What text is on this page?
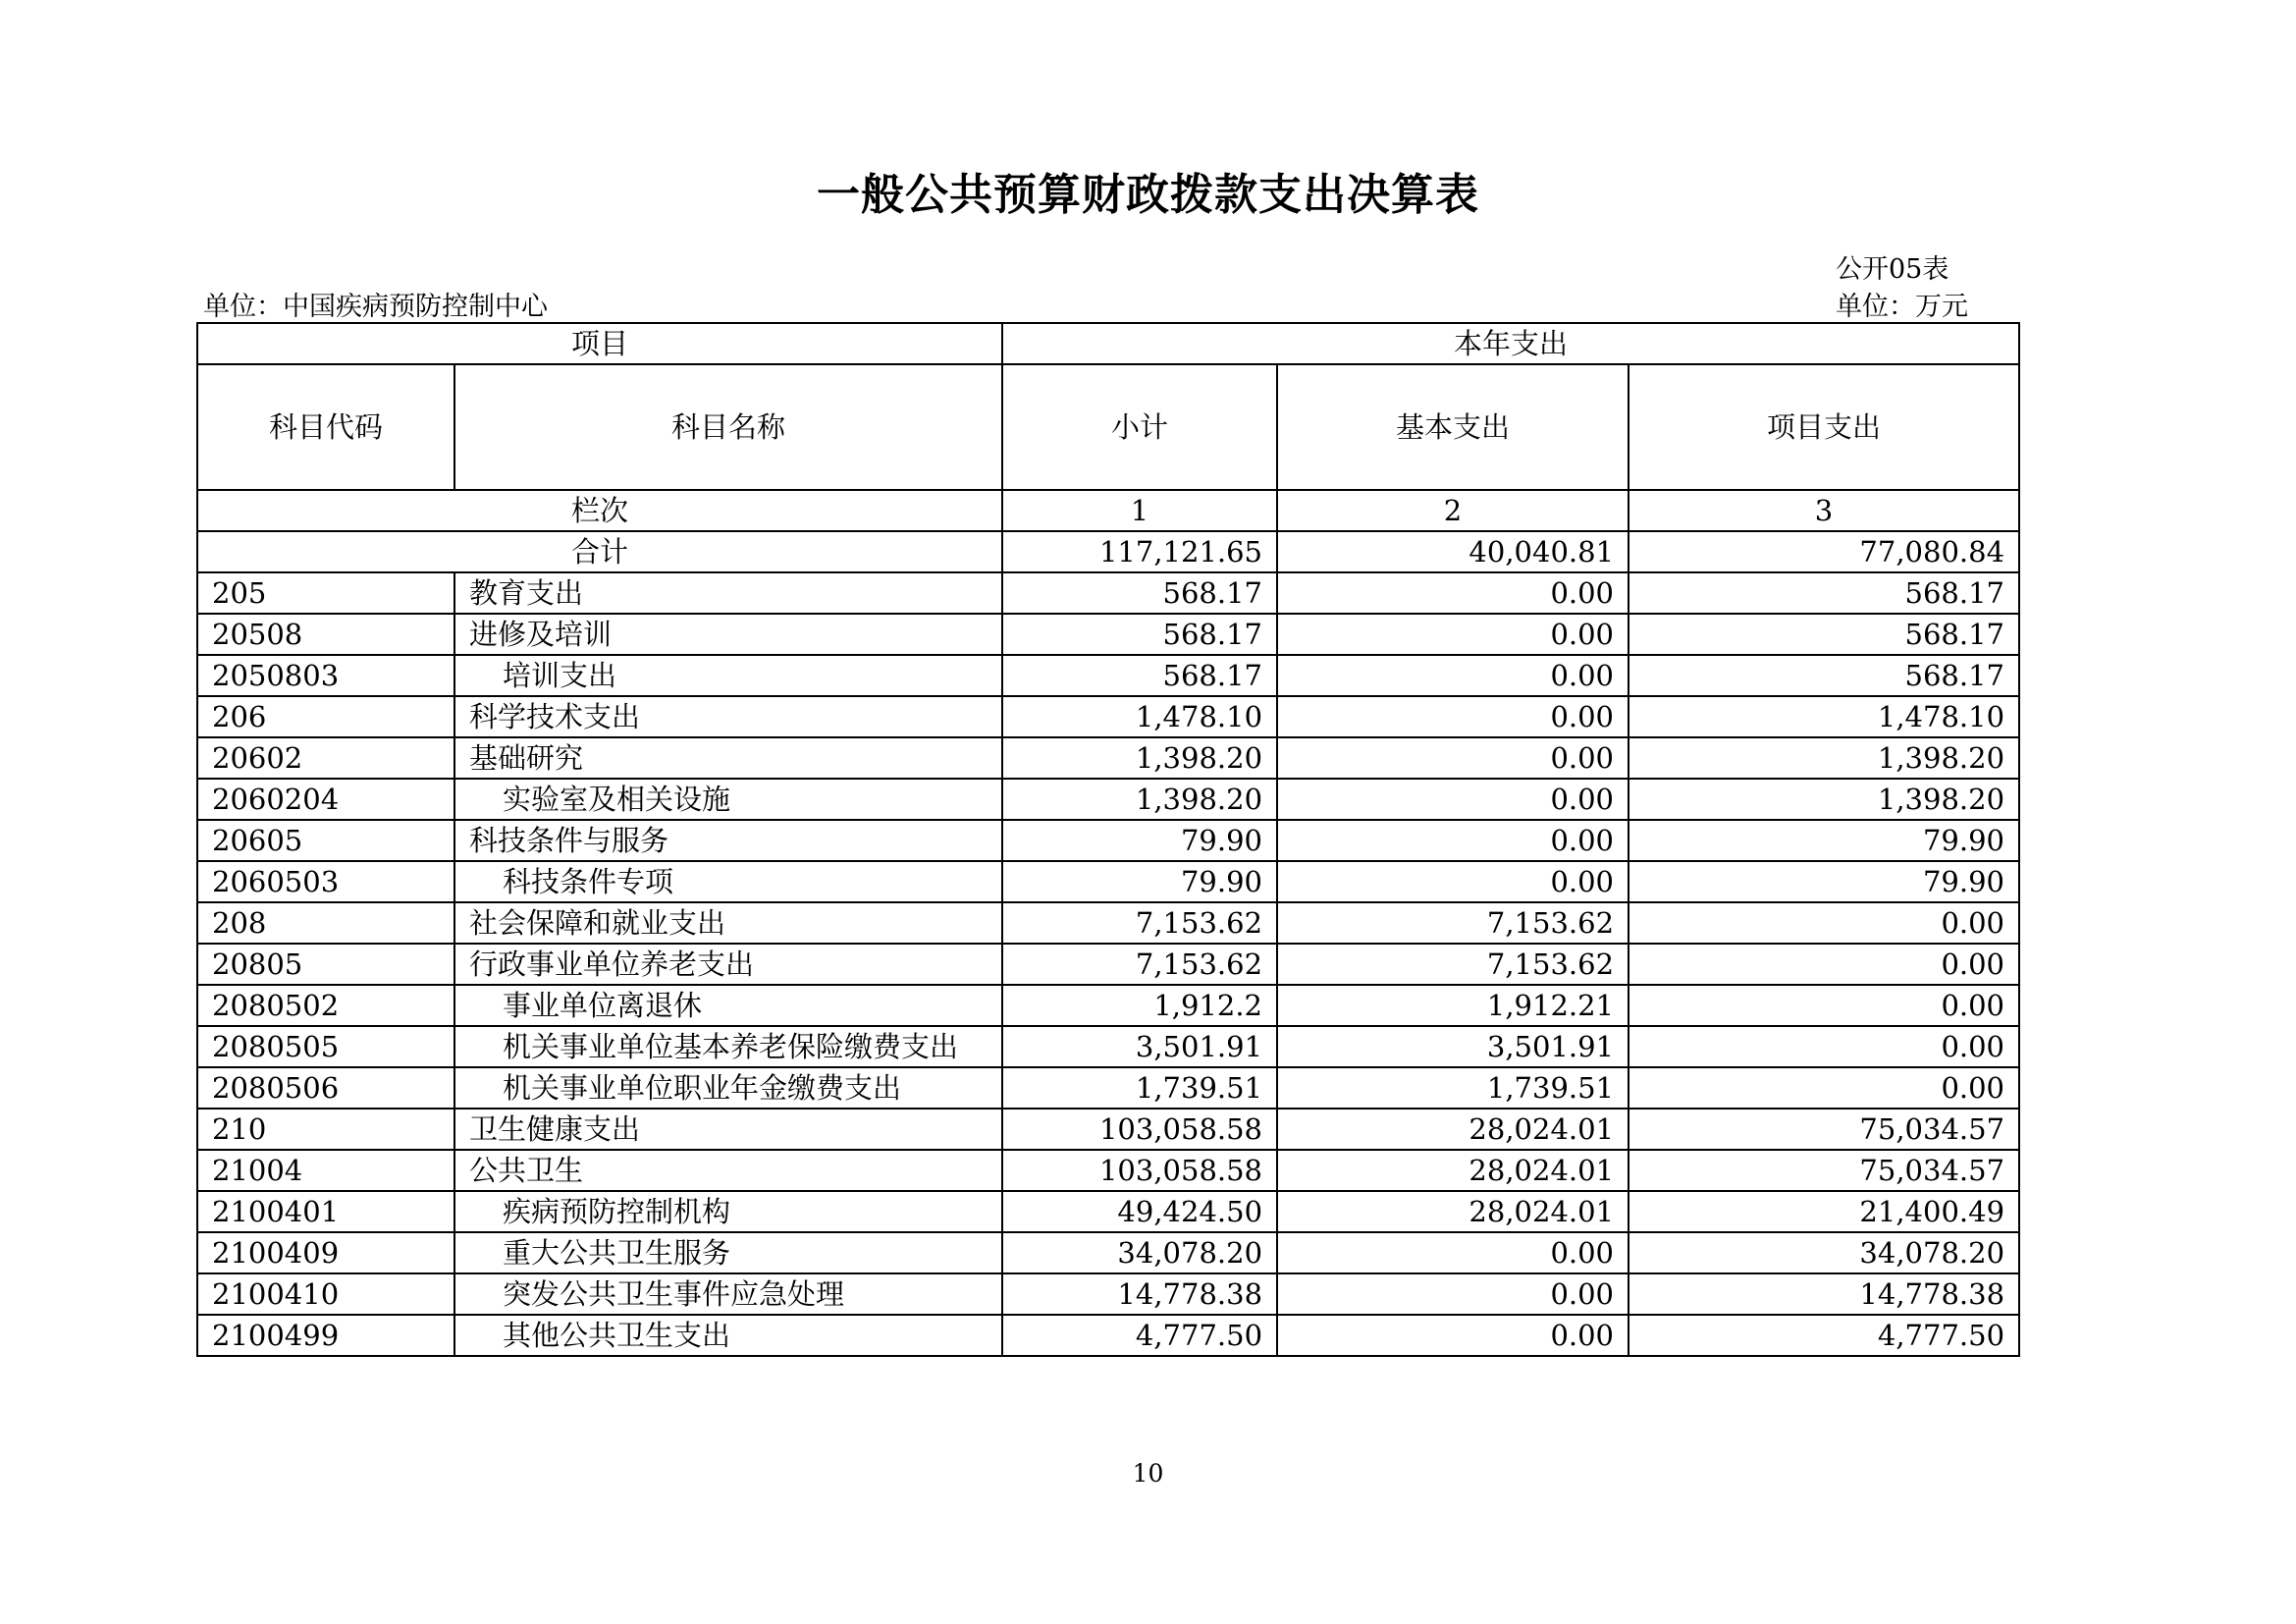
一般公共预算财政拨款支出决算表
公开05表
单位：中国疾病预防控制中心	单位：万元
项目		本年支出		
科目代码	科目名称	小计	基本支出	项目支出
栏次		1	2	3
合计		117,121.65	40,040.81	77,080.84
205	教育支出	568.17	0.00	568.17
20508	进修及培训	568.17	0.00	568.17
2050803	培训支出	568.17	0.00	568.17
206	科学技术支出	1,478.10	0.00	1,478.10
20602	基础研究	1,398.20	0.00	1,398.20
2060204	实验室及相关设施	1,398.20	0.00	1,398.20
20605	科技条件与服务	79.90	0.00	79.90
2060503	科技条件专项	79.90	0.00	79.90
208	社会保障和就业支出	7,153.62	7,153.62	0.00
20805	行政事业单位养老支出	7,153.62	7,153.62	0.00
2080502	事业单位离退休	1,912.2	1,912.21	0.00
2080505	机关事业单位基本养老保险缴费支出	3,501.91	3,501.91	0.00
2080506	机关事业单位职业年金缴费支出	1,739.51	1,739.51	0.00
210	卫生健康支出	103,058.58	28,024.01	75,034.57
21004	公共卫生	103,058.58	28,024.01	75,034.57
2100401	疾病预防控制机构	49,424.50	28,024.01	21,400.49
2100409	重大公共卫生服务	34,078.20	0.00	34,078.20
2100410	突发公共卫生事件应急处理	14,778.38	0.00	14,778.38
2100499	其他公共卫生支出	4,777.50	0.00	4,777.50
10
